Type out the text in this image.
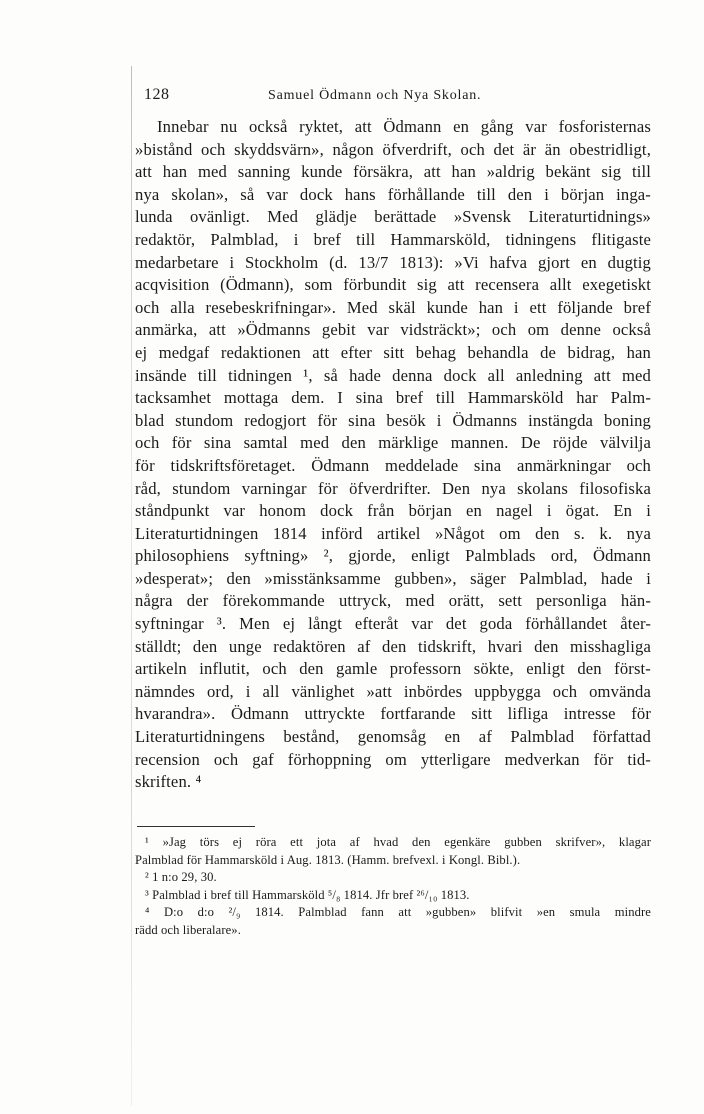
128	Samuel Ödmann och Nya Skolan.
Innebar nu också ryktet, att Ödmann en gång var fosforisternas
»bistånd och skyddsvärn», någon öfverdrift, och det är än obestridligt,
att han med sanning kunde försäkra, att han »aldrig bekänt sig till
nya skolan», så var dock hans förhållande till den i början inga-
lunda ovänligt. Med glädje berättade »Svensk Literaturtidnings»
redaktör, Palmblad, i bref till Hammarsköld, tidningens flitigaste
medarbetare i Stockholm (d. 13/7 1813): »Vi hafva gjort en dugtig
acqvisition (Ödmann), som förbundit sig att recensera allt exegetiskt
och alla resebeskrifningar». Med skäl kunde han i ett följande bref
anmärka, att »Ödmanns gebit var vidsträckt»; och om denne också
ej medgaf redaktionen att efter sitt behag behandla de bidrag, han
insände till tidningen ¹, så hade denna dock all anledning att med
tacksamhet mottaga dem. I sina bref till Hammarsköld har Palm-
blad stundom redogjort för sina besök i Ödmanns instängda boning
och för sina samtal med den märklige mannen. De röjde välvilja
för tidskriftsföretaget. Ödmann meddelade sina anmärkningar och
råd, stundom varningar för öfverdrifter. Den nya skolans filosofiska
ståndpunkt var honom dock från början en nagel i ögat. En i
Literaturtidningen 1814 införd artikel »Något om den s. k. nya
philosophiens syftning» ², gjorde, enligt Palmblads ord, Ödmann
»desperat»; den »misstänksamme gubben», säger Palmblad, hade i
några der förekommande uttryck, med orätt, sett personliga hän-
syftningar ³. Men ej långt efteråt var det goda förhållandet åter-
ställdt; den unge redaktören af den tidskrift, hvari den misshagliga
artikeln influtit, och den gamle professorn sökte, enligt den först-
nämndes ord, i all vänlighet »att inbördes uppbygga och omvända
hvarandra». Ödmann uttryckte fortfarande sitt lifliga intresse för
Literaturtidningens bestånd, genomsåg en af Palmblad författad
recension och gaf förhoppning om ytterligare medverkan för tid-
skriften. ⁴
¹ »Jag törs ej röra ett jota af hvad den egenkäre gubben skrifver», klagar
Palmblad för Hammarsköld i Aug. 1813. (Hamm. brefvexl. i Kongl. Bibl.).
² 1 n:o 29, 30.
³ Palmblad i bref till Hammarsköld ⁵/₈ 1814. Jfr bref ²⁶/₁₀ 1813.
⁴ D:o d:o ²/₉ 1814. Palmblad fann att »gubben» blifvit »en smula mindre
rädd och liberalare».
